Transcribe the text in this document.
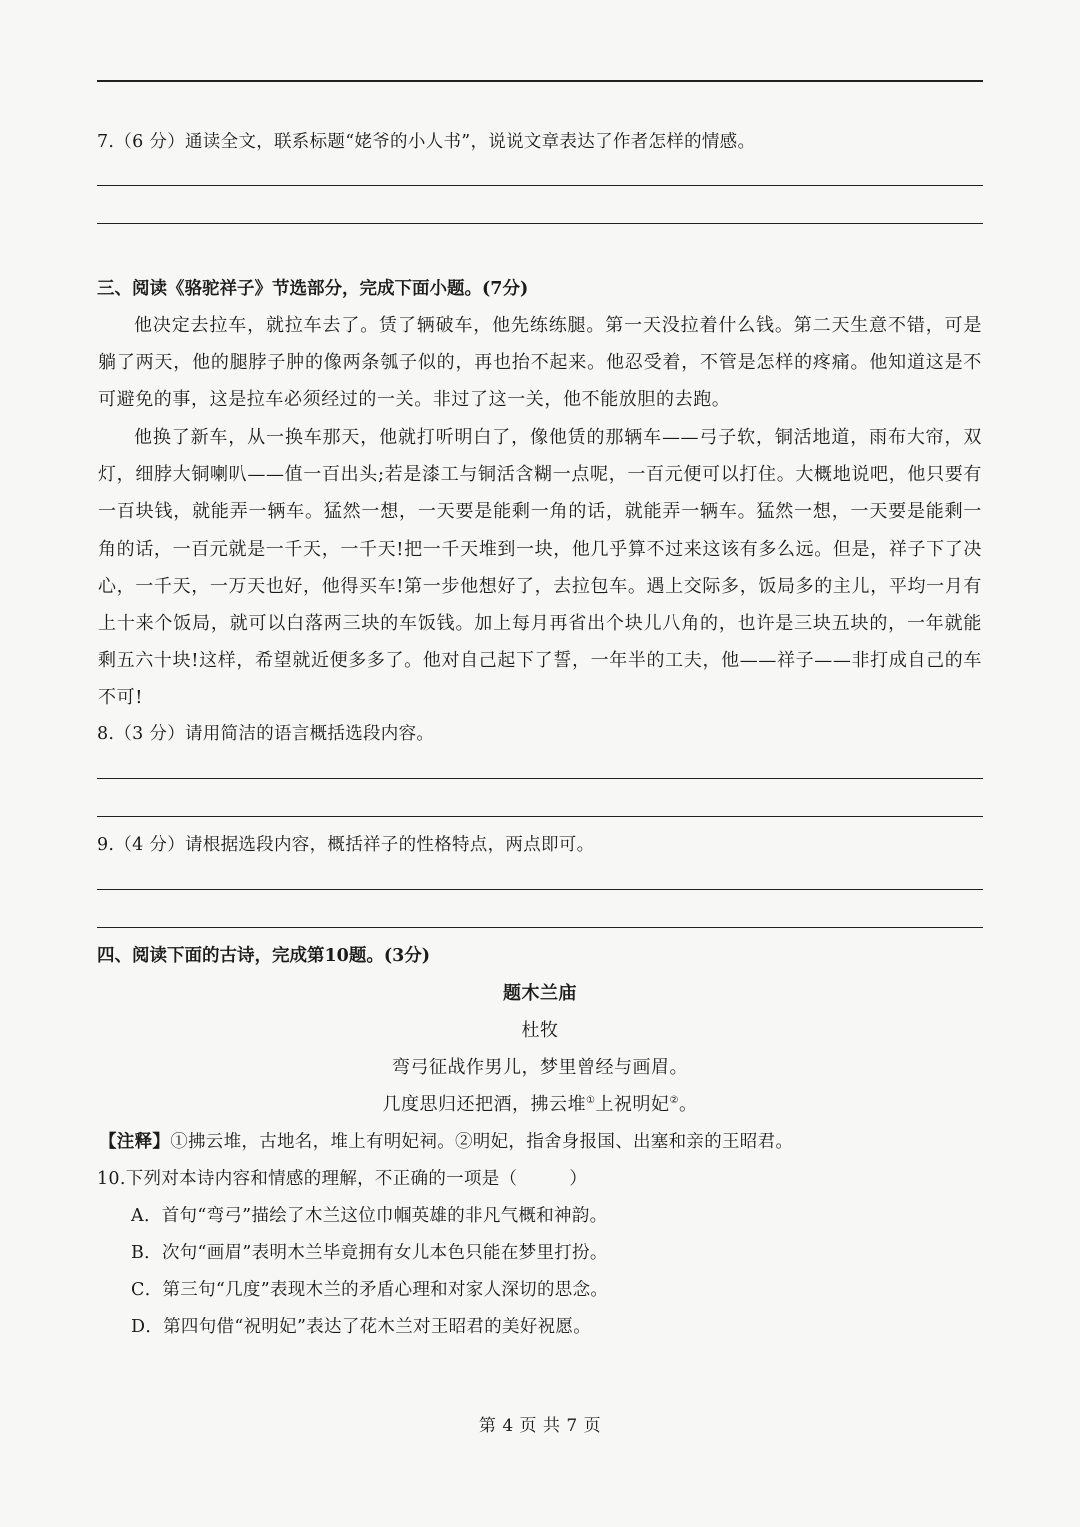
7.（6 分）通读全文，联系标题“姥爷的小人书”，说说文章表达了作者怎样的情感。
三、阅读《骆驼祥子》节选部分，完成下面小题。(7分)
他决定去拉车，就拉车去了。赁了辆破车，他先练练腿。第一天没拉着什么钱。第二天生意不错，可是躺了两天，他的腿脖子肿的像两条瓠子似的，再也抬不起来。他忍受着，不管是怎样的疼痛。他知道这是不可避免的事，这是拉车必须经过的一关。非过了这一关，他不能放胆的去跑。
他换了新车，从一换车那天，他就打听明白了，像他赁的那辆车——弓子软，铜活地道，雨布大帘，双灯，细脖大铜喇叭——值一百出头;若是漆工与铜活含糊一点呢，一百元便可以打住。大概地说吧，他只要有一百块钱，就能弄一辆车。猛然一想，一天要是能剩一角的话，就能弄一辆车。猛然一想，一天要是能剩一角的话，一百元就是一千天，一千天!把一千天堆到一块，他几乎算不过来这该有多么远。但是，祥子下了决心，一千天，一万天也好，他得买车!第一步他想好了，去拉包车。遇上交际多，饭局多的主儿，平均一月有上十来个饭局，就可以白落两三块的车饭钱。加上每月再省出个块儿八角的，也许是三块五块的，一年就能剩五六十块!这样，希望就近便多多了。他对自己起下了誓，一年半的工夫，他——祥子——非打成自己的车不可!
8.（3 分）请用简洁的语言概括选段内容。
9.（4 分）请根据选段内容，概括祥子的性格特点，两点即可。
四、阅读下面的古诗，完成第10题。(3分)
题木兰庙
杜牧
弯弓征战作男儿，梦里曾经与画眉。
几度思归还把酒，拂云堆①上祝明妃②。
【注释】①拂云堆，古地名，堆上有明妃祠。②明妃，指舍身报国、出塞和亲的王昭君。
10.下列对本诗内容和情感的理解，不正确的一项是（	）
A．首句“弯弓”描绘了木兰这位巾帼英雄的非凡气概和神韵。
B．次句“画眉”表明木兰毕竟拥有女儿本色只能在梦里打扮。
C．第三句“几度”表现木兰的矛盾心理和对家人深切的思念。
D．第四句借“祝明妃”表达了花木兰对王昭君的美好祝愿。
第 4 页 共 7 页
